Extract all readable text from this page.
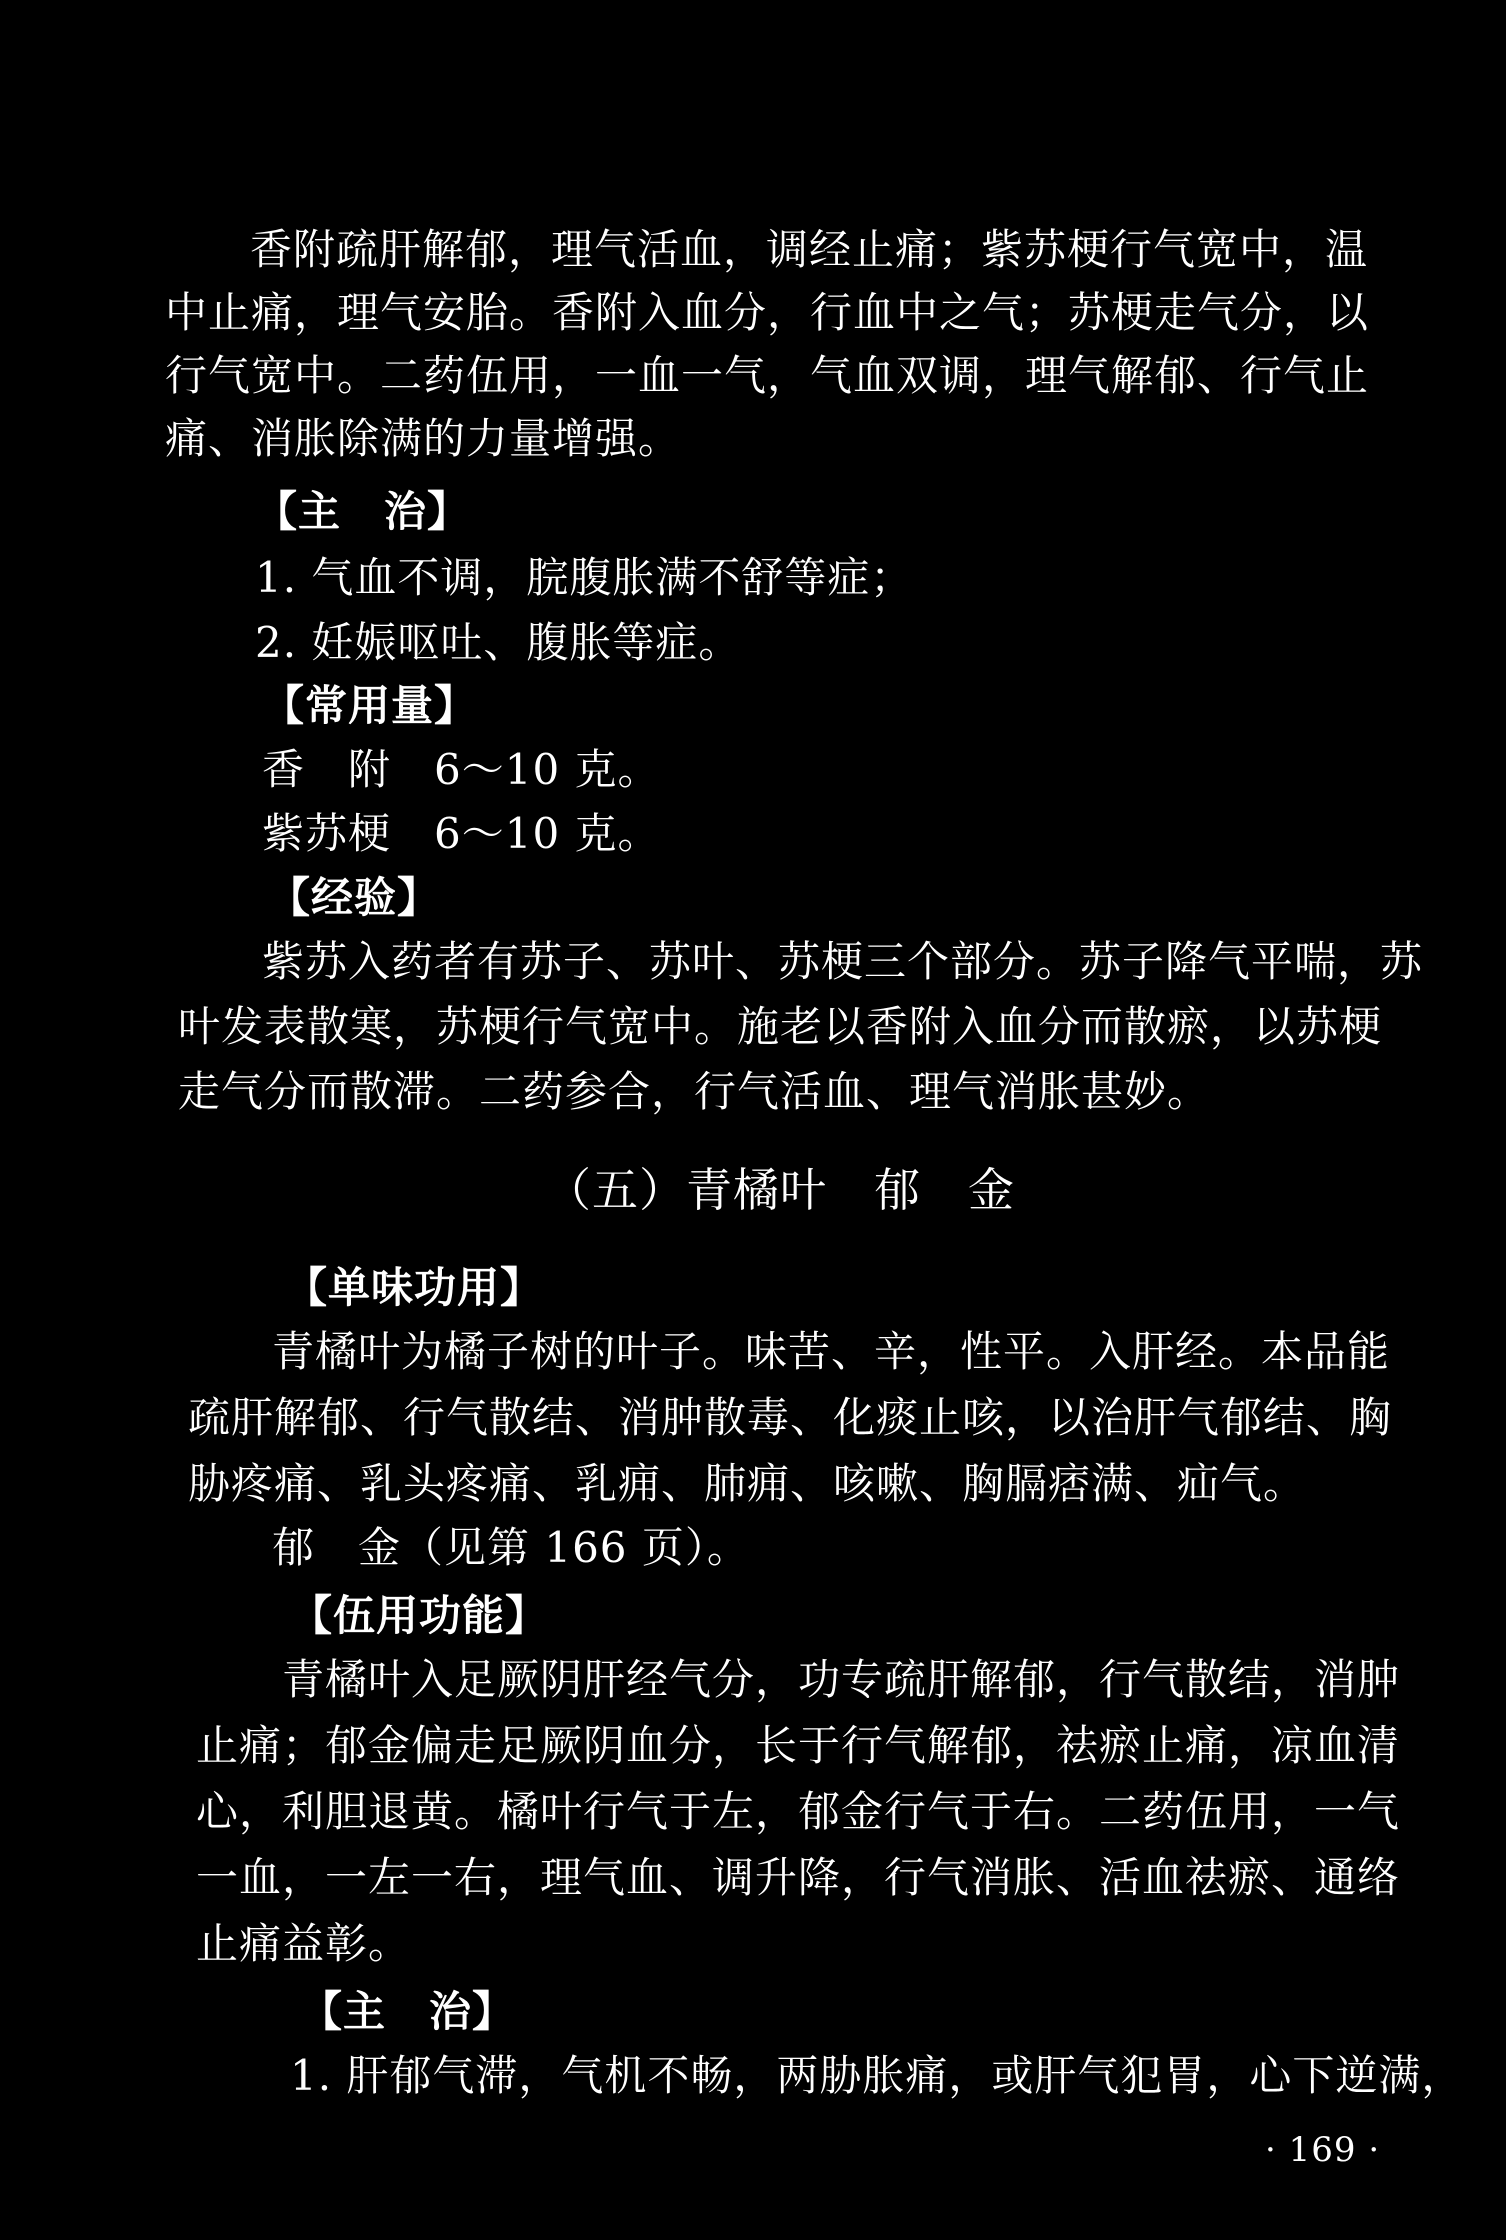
香附疏肝解郁，理气活血，调经止痛；紫苏梗行气宽中，温
中止痛，理气安胎。香附入血分，行血中之气；苏梗走气分，以
行气宽中。二药伍用，一血一气，气血双调，理气解郁、行气止
痛、消胀除满的力量增强。
【主　治】
1. 气血不调，脘腹胀满不舒等症；
2. 妊娠呕吐、腹胀等症。
【常用量】
香　附　6～10 克。
紫苏梗　6～10 克。
【经验】
紫苏入药者有苏子、苏叶、苏梗三个部分。苏子降气平喘，苏
叶发表散寒，苏梗行气宽中。施老以香附入血分而散瘀，以苏梗
走气分而散滞。二药参合，行气活血、理气消胀甚妙。
（五）青橘叶　郁　金
【单味功用】
青橘叶为橘子树的叶子。味苦、辛，性平。入肝经。本品能
疏肝解郁、行气散结、消肿散毒、化痰止咳，以治肝气郁结、胸
胁疼痛、乳头疼痛、乳痈、肺痈、咳嗽、胸膈痞满、疝气。
郁　金（见第 166 页）。
【伍用功能】
青橘叶入足厥阴肝经气分，功专疏肝解郁，行气散结，消肿
止痛；郁金偏走足厥阴血分，长于行气解郁，祛瘀止痛，凉血清
心，利胆退黄。橘叶行气于左，郁金行气于右。二药伍用，一气
一血，一左一右，理气血、调升降，行气消胀、活血祛瘀、通络
止痛益彰。
【主　治】
1. 肝郁气滞，气机不畅，两胁胀痛，或肝气犯胃，心下逆满，
· 169 ·
